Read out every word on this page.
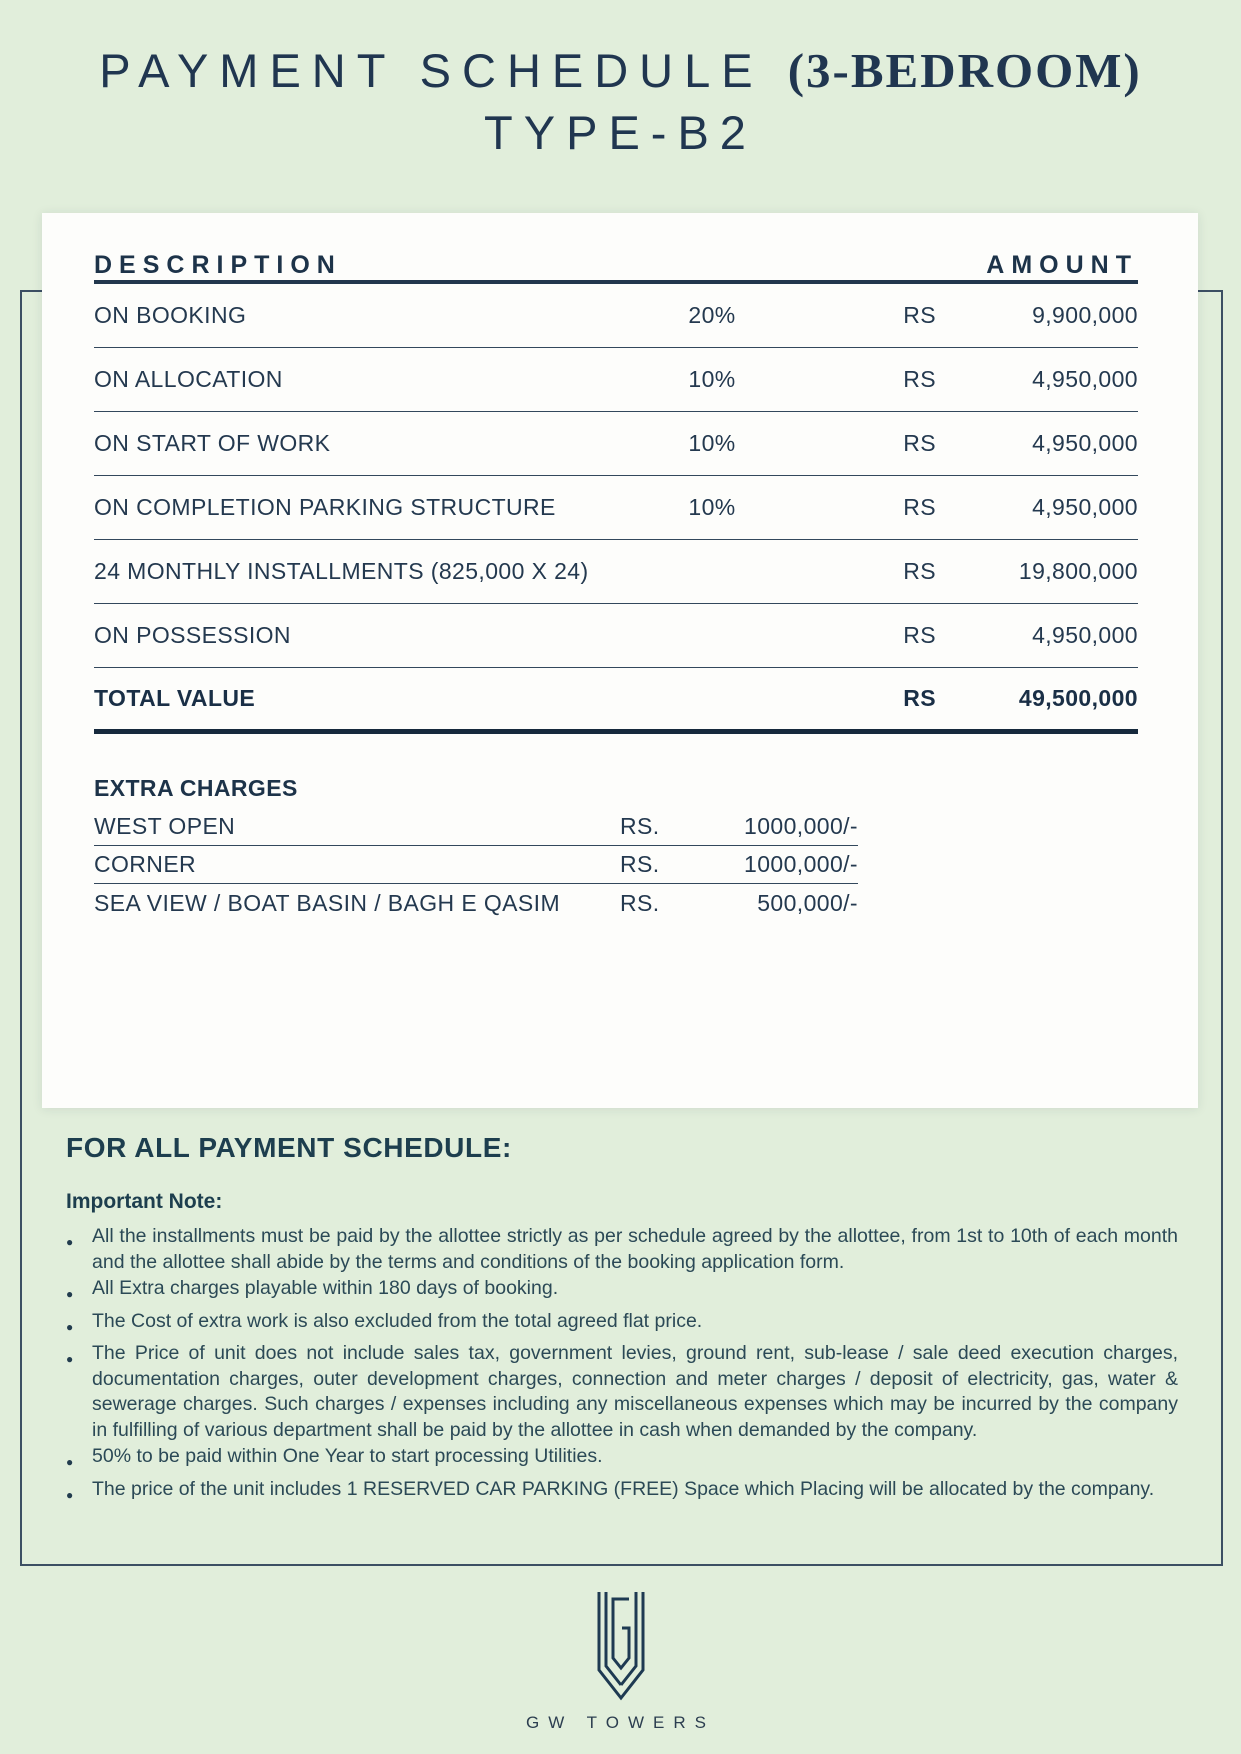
PAYMENT SCHEDULE (3-BEDROOM)
TYPE-B2
DESCRIPTION	AMOUNT
ON BOOKING	20%	RS	9,900,000
ON ALLOCATION	10%	RS	4,950,000
ON START OF WORK	10%	RS	4,950,000
ON COMPLETION PARKING STRUCTURE	10%	RS	4,950,000
24 MONTHLY INSTALLMENTS (825,000 X 24)	RS	19,800,000
ON POSSESSION	RS	4,950,000
TOTAL VALUE	RS	49,500,000
EXTRA CHARGES
WEST OPEN	RS.	1000,000/-
CORNER	RS.	1000,000/-
SEA VIEW / BOAT BASIN / BAGH E QASIM	RS.	500,000/-
FOR ALL PAYMENT SCHEDULE:
Important Note:
● All the installments must be paid by the allottee strictly as per schedule agreed by the allottee, from 1st to 10th of each month and the allottee shall abide by the terms and conditions of the booking application form.
● All Extra charges playable within 180 days of booking.
● The Cost of extra work is also excluded from the total agreed flat price.
● The Price of unit does not include sales tax, government levies, ground rent, sub-lease / sale deed execution charges, documentation charges, outer development charges, connection and meter charges / deposit of electricity, gas, water & sewerage charges. Such charges / expenses including any miscellaneous expenses which may be incurred by the company in fulfilling of various department shall be paid by the allottee in cash when demanded by the company.
● 50% to be paid within One Year to start processing Utilities.
● The price of the unit includes 1 RESERVED CAR PARKING (FREE) Space which Placing will be allocated by the company.
GW TOWERS
